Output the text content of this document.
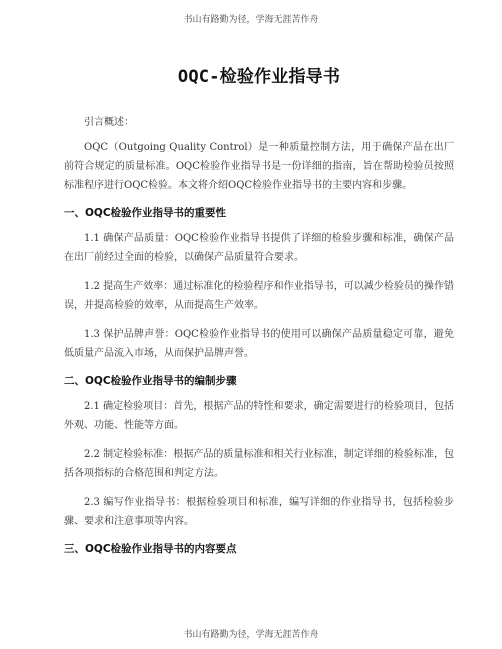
书山有路勤为径，学海无涯苦作舟
OQC-检验作业指导书

引言概述：

OQC（Outgoing Quality Control）是一种质量控制方法，用于确保产品在出厂前符合规定的质量标准。OQC检验作业指导书是一份详细的指南，旨在帮助检验员按照标准程序进行OQC检验。本文将介绍OQC检验作业指导书的主要内容和步骤。

一、OQC检验作业指导书的重要性

1.1 确保产品质量：OQC检验作业指导书提供了详细的检验步骤和标准，确保产品在出厂前经过全面的检验，以确保产品质量符合要求。

1.2 提高生产效率：通过标准化的检验程序和作业指导书，可以减少检验员的操作错误，并提高检验的效率，从而提高生产效率。

1.3 保护品牌声誉：OQC检验作业指导书的使用可以确保产品质量稳定可靠，避免低质量产品流入市场，从而保护品牌声誉。

二、OQC检验作业指导书的编制步骤

2.1 确定检验项目：首先，根据产品的特性和要求，确定需要进行的检验项目，包括外观、功能、性能等方面。

2.2 制定检验标准：根据产品的质量标准和相关行业标准，制定详细的检验标准，包括各项指标的合格范围和判定方法。

2.3 编写作业指导书：根据检验项目和标准，编写详细的作业指导书，包括检验步骤、要求和注意事项等内容。

三、OQC检验作业指导书的内容要点
书山有路勤为径，学海无涯苦作舟
